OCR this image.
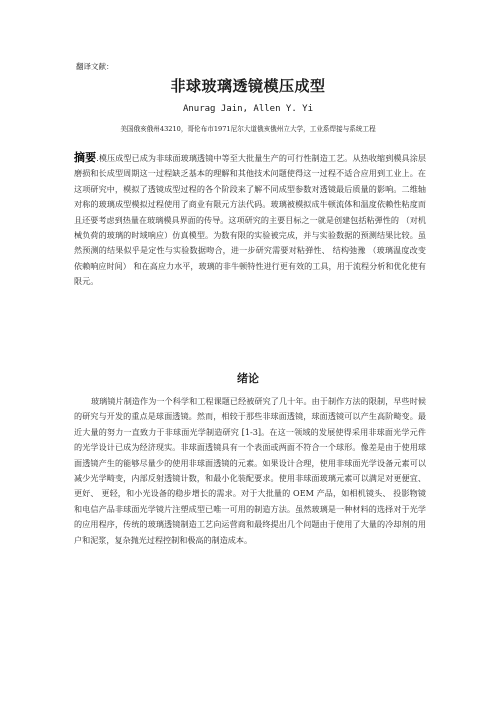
翻译文献：
非球玻璃透镜模压成型
Anurag Jain, Allen Y. Yi
美国俄亥俄州43210，哥伦布市1971尼尔大道俄亥俄州立大学，工业系焊接与系统工程
摘要.模压成型已成为非球面玻璃透镜中等至大批量生产的可行性制造工艺。从热收缩到模具涂层磨损和长成型周期这一过程缺乏基本的理解和其他技术问题使得这一过程不适合应用到工业上。在这项研究中，模拟了透镜成型过程的各个阶段来了解不同成型参数对透镜最后质量的影响。二维轴对称的玻璃成型模拟过程使用了商业有限元方法代码。玻璃被模拟成牛顿流体和温度依赖性粘度而且还要考虑到热量在玻璃模具界面的传导。这项研究的主要目标之一就是创建包括粘弹性的 （对机械负荷的玻璃的时域响应）仿真模型。为数有限的实验被完成，并与实验数据的预测结果比较。虽然预测的结果似乎是定性与实验数据吻合，进一步研究需要对粘弹性、 结构弛豫 （玻璃温度改变依赖响应时间） 和在高应力水平，玻璃的非牛顿特性进行更有效的工具，用于流程分析和优化使有限元。
绪论
玻璃镜片制造作为一个科学和工程课题已经被研究了几十年。由于制作方法的限制，早些时候的研究与开发的重点是球面透镜。然而，相较于那些非球面透镜，球面透镜可以产生高阶畸变。最近大量的努力一直致力于非球面光学制造研究 [1-3]。在这一领域的发展使得采用非球面光学元件的光学设计已成为经济现实。非球面透镜具有一个表面或两面不符合一个球形。像差是由于使用球面透镜产生的能够尽量少的使用非球面透镜的元素。如果设计合理，使用非球面光学设备元素可以减少光学畸变，内部反射透镜计数，和最小化装配要求。使用非球面玻璃元素可以满足对更便宜、 更好、 更轻，和小光设备的稳步增长的需求。对于大批量的 OEM 产品，如相机镜头、 投影物镜和电信产品非球面光学镜片注塑成型已唯一可用的制造方法。虽然玻璃是一种材料的选择对于光学的应用程序，传统的玻璃透镜制造工艺向运营商和最终提出几个问题由于使用了大量的冷却剂的用户和泥浆，复杂抛光过程控制和极高的制造成本。
